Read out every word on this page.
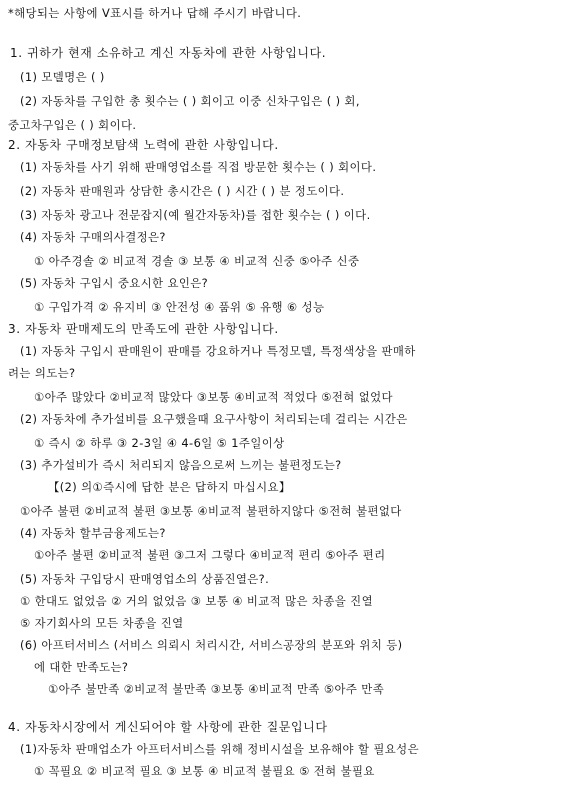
*해당되는 사항에 V표시를 하거나 답해 주시기 바랍니다.
1. 귀하가 현재 소유하고 계신 자동차에 관한 사항입니다.
(1) 모델명은 ( )
(2) 자동차를 구입한 총 횟수는 ( ) 회이고 이중 신차구입은 ( ) 회,
중고차구입은 ( ) 회이다.
2. 자동차 구매정보탐색 노력에 관한 사항입니다.
(1) 자동차를 사기 위해 판매영업소를 직접 방문한 횟수는 ( ) 회이다.
(2) 자동차 판매원과 상담한 총시간은 ( ) 시간 ( ) 분 정도이다.
(3) 자동차 광고나 전문잡지(예 월간자동차)를 접한 횟수는 ( ) 이다.
(4) 자동차 구매의사결정은?
① 아주경솔 ② 비교적 경솔 ③ 보통 ④ 비교적 신중 ⑤아주 신중
(5) 자동차 구입시 중요시한 요인은?
① 구입가격 ② 유지비 ③ 안전성 ④ 품위 ⑤ 유행 ⑥ 성능
3. 자동차 판매제도의 만족도에 관한 사항입니다.
(1) 자동차 구입시 판매원이 판매를 강요하거나 특정모델, 특정색상을 판매하
려는 의도는?
①아주 많았다 ②비교적 많았다 ③보통 ④비교적 적었다 ⑤전혀 없었다
(2) 자동차에 추가설비를 요구했을때 요구사항이 처리되는데 걸리는 시간은
① 즉시 ② 하루 ③ 2-3일 ④ 4-6일 ⑤ 1주일이상
(3) 추가설비가 즉시 처리되지 않음으로써 느끼는 불편정도는?
【(2) 의①즉시에 답한 분은 답하지 마십시요】
①아주 불편 ②비교적 불편 ③보통 ④비교적 불편하지않다 ⑤전혀 불편없다
(4) 자동차 할부금융제도는?
①아주 불편 ②비교적 불편 ③그저 그렇다 ④비교적 편리 ⑤아주 편리
(5) 자동차 구입당시 판매영업소의 상품진열은?.
① 한대도 없었음 ② 거의 없었음 ③ 보통 ④ 비교적 많은 차종을 진열
⑤ 자기회사의 모든 차종을 진열
(6) 아프터서비스 (서비스 의뢰시 처리시간, 서비스공장의 분포와 위치 등)
에 대한 만족도는?
①아주 불만족 ②비교적 불만족 ③보통 ④비교적 만족 ⑤아주 만족
4. 자동차시장에서 게신되어야 할 사항에 관한 질문입니다
(1)자동차 판매업소가 아프터서비스를 위해 정비시설을 보유해야 할 필요성은
① 꼭필요 ② 비교적 필요 ③ 보통 ④ 비교적 불필요 ⑤ 전혀 불필요
